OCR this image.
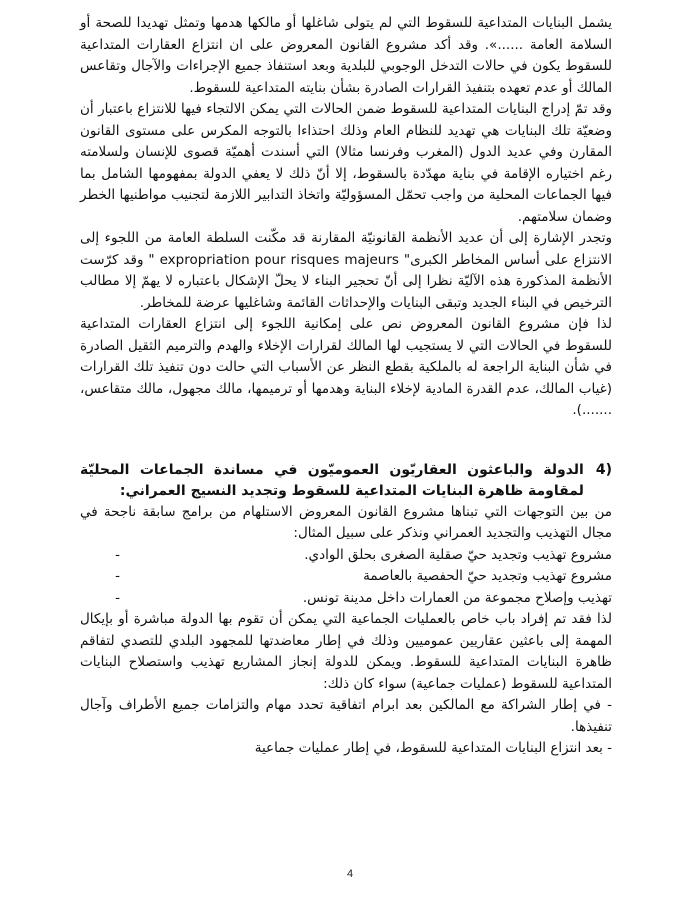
يشمل البنايات المتداعية للسقوط التي لم يتولى شاغلها أو مالكها هدمها وتمثل تهديدا للصحة أو السلامة العامة ......». وقد أكد مشروع القانون المعروض على ان انتزاع العقارات المتداعية للسقوط يكون في حالات التدخل الوجوبي للبلدية وبعد استنفاذ جميع الإجراءات والآجال وتقاعس المالك أو عدم تعهده بتنفيذ القرارات الصادرة بشأن بنايته المتداعية للسقوط.

وقد تمّ إدراج البنايات المتداعية للسقوط ضمن الحالات التي يمكن الالتجاء فيها للانتزاع باعتبار أن وضعيّة تلك البنايات هي تهديد للنظام العام وذلك احتذاءا بالتوجه المكرس على مستوى القانون المقارن وفي عديد الدول (المغرب وفرنسا مثالا) التي أسندت أهميّة قصوى للإنسان ولسلامته رغم اختياره الإقامة في بناية مهدّدة بالسقوط، إلا أنّ ذلك لا يعفي الدولة بمفهومها الشامل بما فيها الجماعات المحلية من واجب تحمّل المسؤوليّة واتخاذ التدابير اللازمة لتجنيب مواطنيها الخطر وضمان سلامتهم.

وتجدر الإشارة إلى أن عديد الأنظمة القانونيّة المقارنة قد مكّنت السلطة العامة من اللجوء إلى الانتزاع على أساس المخاطر الكبرى" expropriation pour risques majeurs " وقد كرّست الأنظمة المذكورة هذه الآليّة نظرا إلى أنّ تحجير البناء لا يحلّ الإشكال باعتباره لا يهمّ إلا مطالب الترخيص في البناء الجديد وتبقى البنايات والإحداثات القائمة وشاغليها عرضة للمخاطر.

لذا فإن مشروع القانون المعروض نص على إمكانية اللجوء إلى انتزاع العقارات المتداعية للسقوط في الحالات التي لا يستجيب لها المالك لقرارات الإخلاء والهدم والترميم الثقيل الصادرة في شأن البناية الراجعة له بالملكية بقطع النظر عن الأسباب التي حالت دون تنفيذ تلك القرارات (غياب المالك، عدم القدرة المادية لإخلاء البناية وهدمها أو ترميمها، مالك مجهول، مالك متقاعس، .......).

4)
الدولة والباعثون العقاريّون العموميّون في مساندة الجماعات المحليّة لمقاومة ظاهرة البنايات المتداعية للسقوط وتجديد النسيج العمراني:

من بين التوجهات التي تبناها مشروع القانون المعروض الاستلهام من برامج سابقة ناجحة في مجال التهذيب والتجديد العمراني ونذكر على سبيل المثال:

مشروع تهذيب وتجديد حيّ صقلية الصغرى بحلق الوادي.
-
مشروع تهذيب وتجديد حيّ الحفصية بالعاصمة
-
تهذيب وإصلاح مجموعة من العمارات داخل مدينة تونس.
-

لذا فقد تم إفراد باب خاص بالعمليات الجماعية التي يمكن أن تقوم بها الدولة مباشرة أو بإيكال المهمة إلى باعثين عقاريين عموميين وذلك في إطار معاضدتها للمجهود البلدي للتصدي لتفاقم ظاهرة البنايات المتداعية للسقوط. ويمكن للدولة إنجاز المشاريع تهذيب واستصلاح البنايات المتداعية للسقوط (عمليات جماعية) سواء كان ذلك:

- في إطار الشراكة مع المالكين بعد ابرام اتفاقية تحدد مهام والتزامات جميع الأطراف وآجال تنفيذها.

- بعد انتزاع البنايات المتداعية للسقوط، في إطار عمليات جماعية

4
